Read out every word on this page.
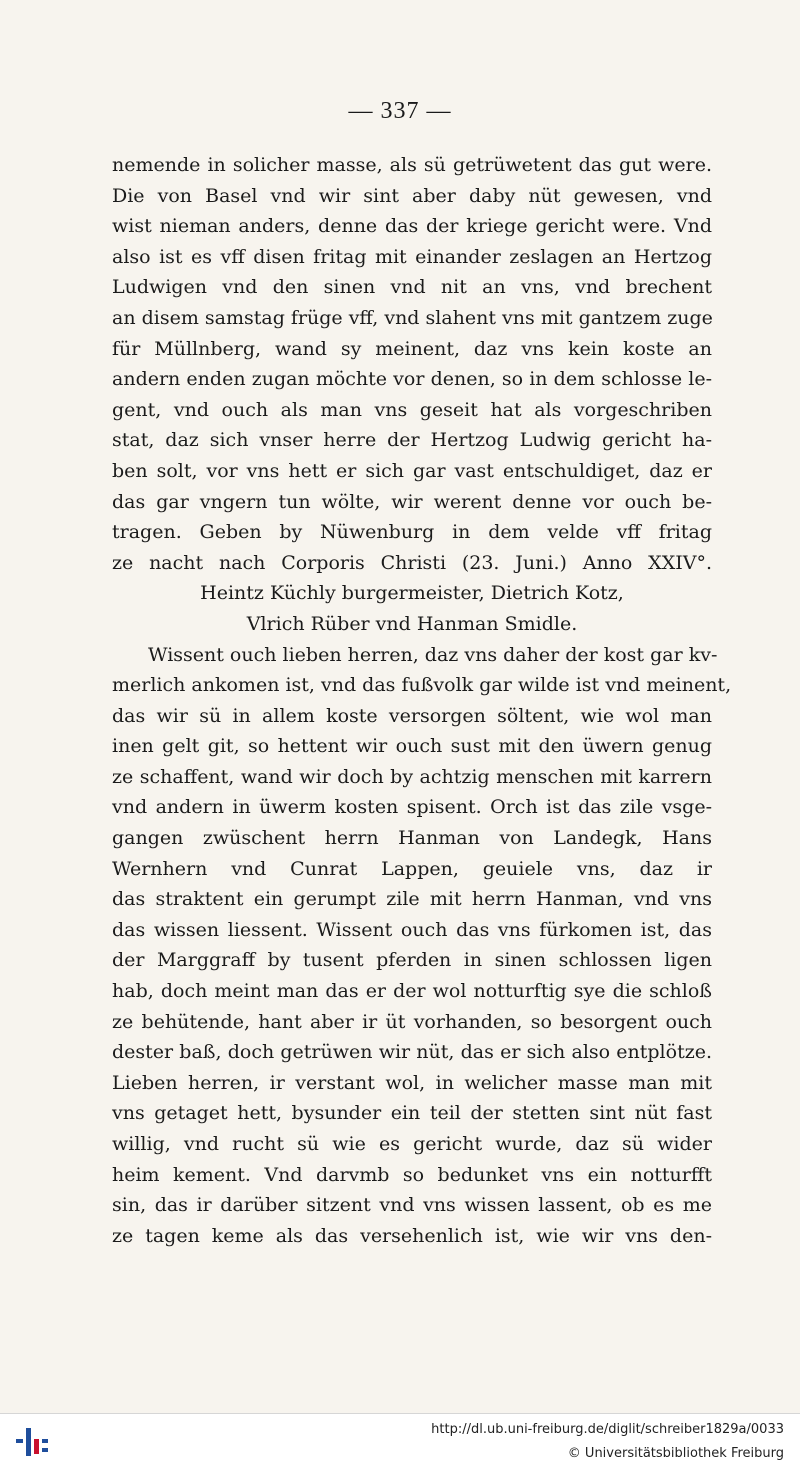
— 337 —
nemende in solicher masse, als sü getrüwetent das gut were.
Die von Basel vnd wir sint aber daby nüt gewesen, vnd
wist nieman anders, denne das der kriege gericht were. Vnd
also ist es vff disen fritag mit einander zeslagen an Hertzog
Ludwigen vnd den sinen vnd nit an vns, vnd brechent
an disem samstag früge vff, vnd slahent vns mit gantzem zuge
für Müllnberg, wand sy meinent, daz vns kein koste an
andern enden zugan möchte vor denen, so in dem schlosse le-
gent, vnd ouch als man vns geseit hat als vorgeschriben
stat, daz sich vnser herre der Hertzog Ludwig gericht ha-
ben solt, vor vns hett er sich gar vast entschuldiget, daz er
das gar vngern tun wölte, wir werent denne vor ouch be-
tragen. Geben by Nüwenburg in dem velde vff fritag
ze nacht nach Corporis Christi (23. Juni.) Anno XXIV°.
Heintz Küchly burgermeister, Dietrich Kotz,
Vlrich Rüber vnd Hanman Smidle.
Wissent ouch lieben herren, daz vns daher der kost gar kv-
merlich ankomen ist, vnd das fußvolk gar wilde ist vnd meinent,
das wir sü in allem koste versorgen söltent, wie wol man
inen gelt git, so hettent wir ouch sust mit den üwern genug
ze schaffent, wand wir doch by achtzig menschen mit karrern
vnd andern in üwerm kosten spisent. Orch ist das zile vsge-
gangen zwüschent herrn Hanman von Landegk, Hans
Wernhern vnd Cunrat Lappen, geuiele vns, daz ir
das straktent ein gerumpt zile mit herrn Hanman, vnd vns
das wissen liessent. Wissent ouch das vns fürkomen ist, das
der Marggraff by tusent pferden in sinen schlossen ligen
hab, doch meint man das er der wol notturftig sye die schloß
ze behütende, hant aber ir üt vorhanden, so besorgent ouch
dester baß, doch getrüwen wir nüt, das er sich also entplötze.
Lieben herren, ir verstant wol, in welicher masse man mit
vns getaget hett, bysunder ein teil der stetten sint nüt fast
willig, vnd rucht sü wie es gericht wurde, daz sü wider
heim kement. Vnd darvmb so bedunket vns ein notturfft
sin, das ir darüber sitzent vnd vns wissen lassent, ob es me
ze tagen keme als das versehenlich ist, wie wir vns den-
http://dl.ub.uni-freiburg.de/diglit/schreiber1829a/0033
© Universitätsbibliothek Freiburg
